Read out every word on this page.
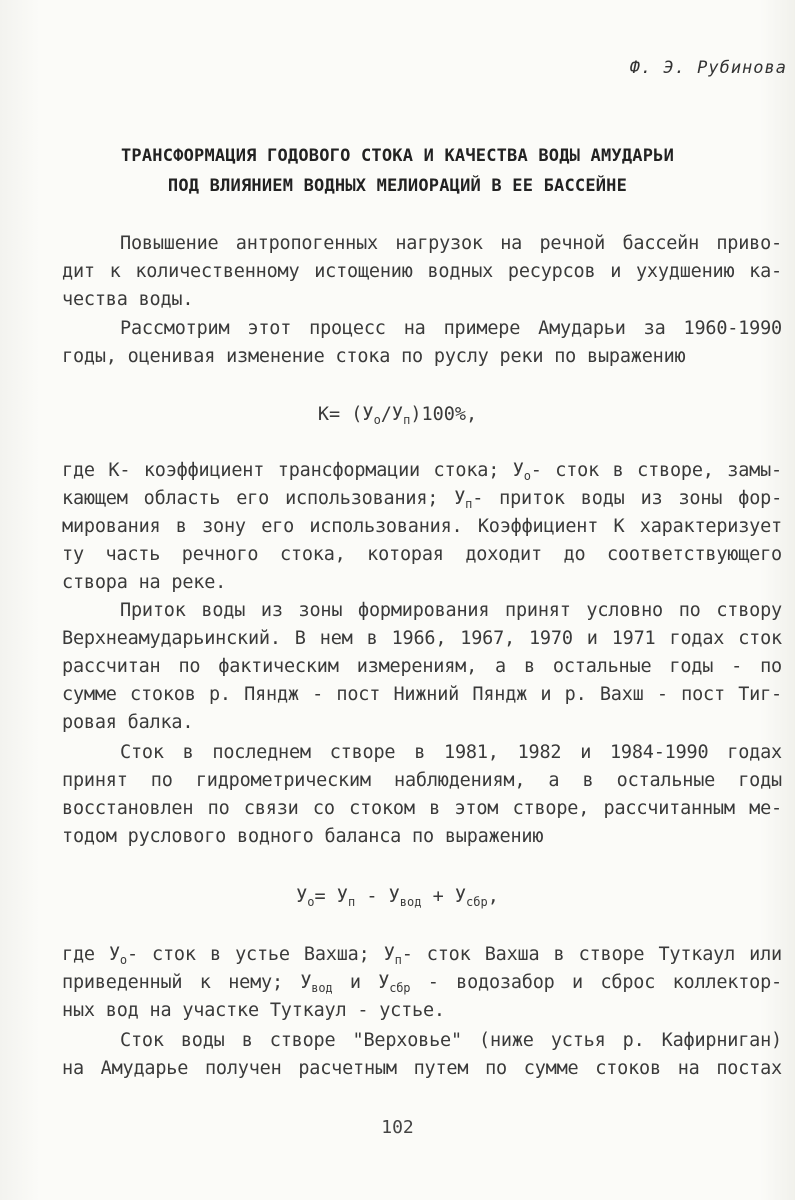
Ф. Э. Рубинова
ТРАНСФОРМАЦИЯ ГОДОВОГО СТОКА И КАЧЕСТВА ВОДЫ АМУДАРЬИ
ПОД ВЛИЯНИЕМ ВОДНЫХ МЕЛИОРАЦИЙ В ЕЕ БАССЕЙНЕ
Повышение антропогенных нагрузок на речной бассейн приво-
дит к количественному истощению водных ресурсов и ухудшению ка-
чества воды.
Рассмотрим этот процесс на примере Амударьи за 1960-1990
годы, оценивая изменение стока по руслу реки по выражению
$К= (У_о/У_п)100\%$,
где К- коэффициент трансформации стока; $У_о-$ сток в створе, замы-
кающем область его использования; $У_п-$ приток воды из зоны фор-
мирования в зону его использования. Коэффициент К характеризует
ту часть речного стока, которая доходит до соответствующего
створа на реке.
Приток воды из зоны формирования принят условно по створу
Верхнеамударьинский. В нем в 1966, 1967, 1970 и 1971 годах сток
рассчитан по фактическим измерениям, а в остальные годы - по
сумме стоков р. Пяндж - пост Нижний Пяндж и р. Вахш - пост Тиг-
ровая балка.
Сток в последнем створе в 1981, 1982 и 1984-1990 годах
принят по гидрометрическим наблюдениям, а в остальные годы
восстановлен по связи со стоком в этом створе, рассчитанным ме-
тодом руслового водного баланса по выражению
$У_о= У_п - У_{вод} + У_{сбр}$,
где $У_о-$ сток в устье Вахша; $У_п-$ сток Вахша в створе Туткаул или
приведенный к нему; $У_{вод}$ и $У_{сбр}$ - водозабор и сброс коллектор-
ных вод на участке Туткаул - устье.
Сток воды в створе "Верховье" (ниже устья р. Кафирниган)
на Амударье получен расчетным путем по сумме стоков на постах
102
